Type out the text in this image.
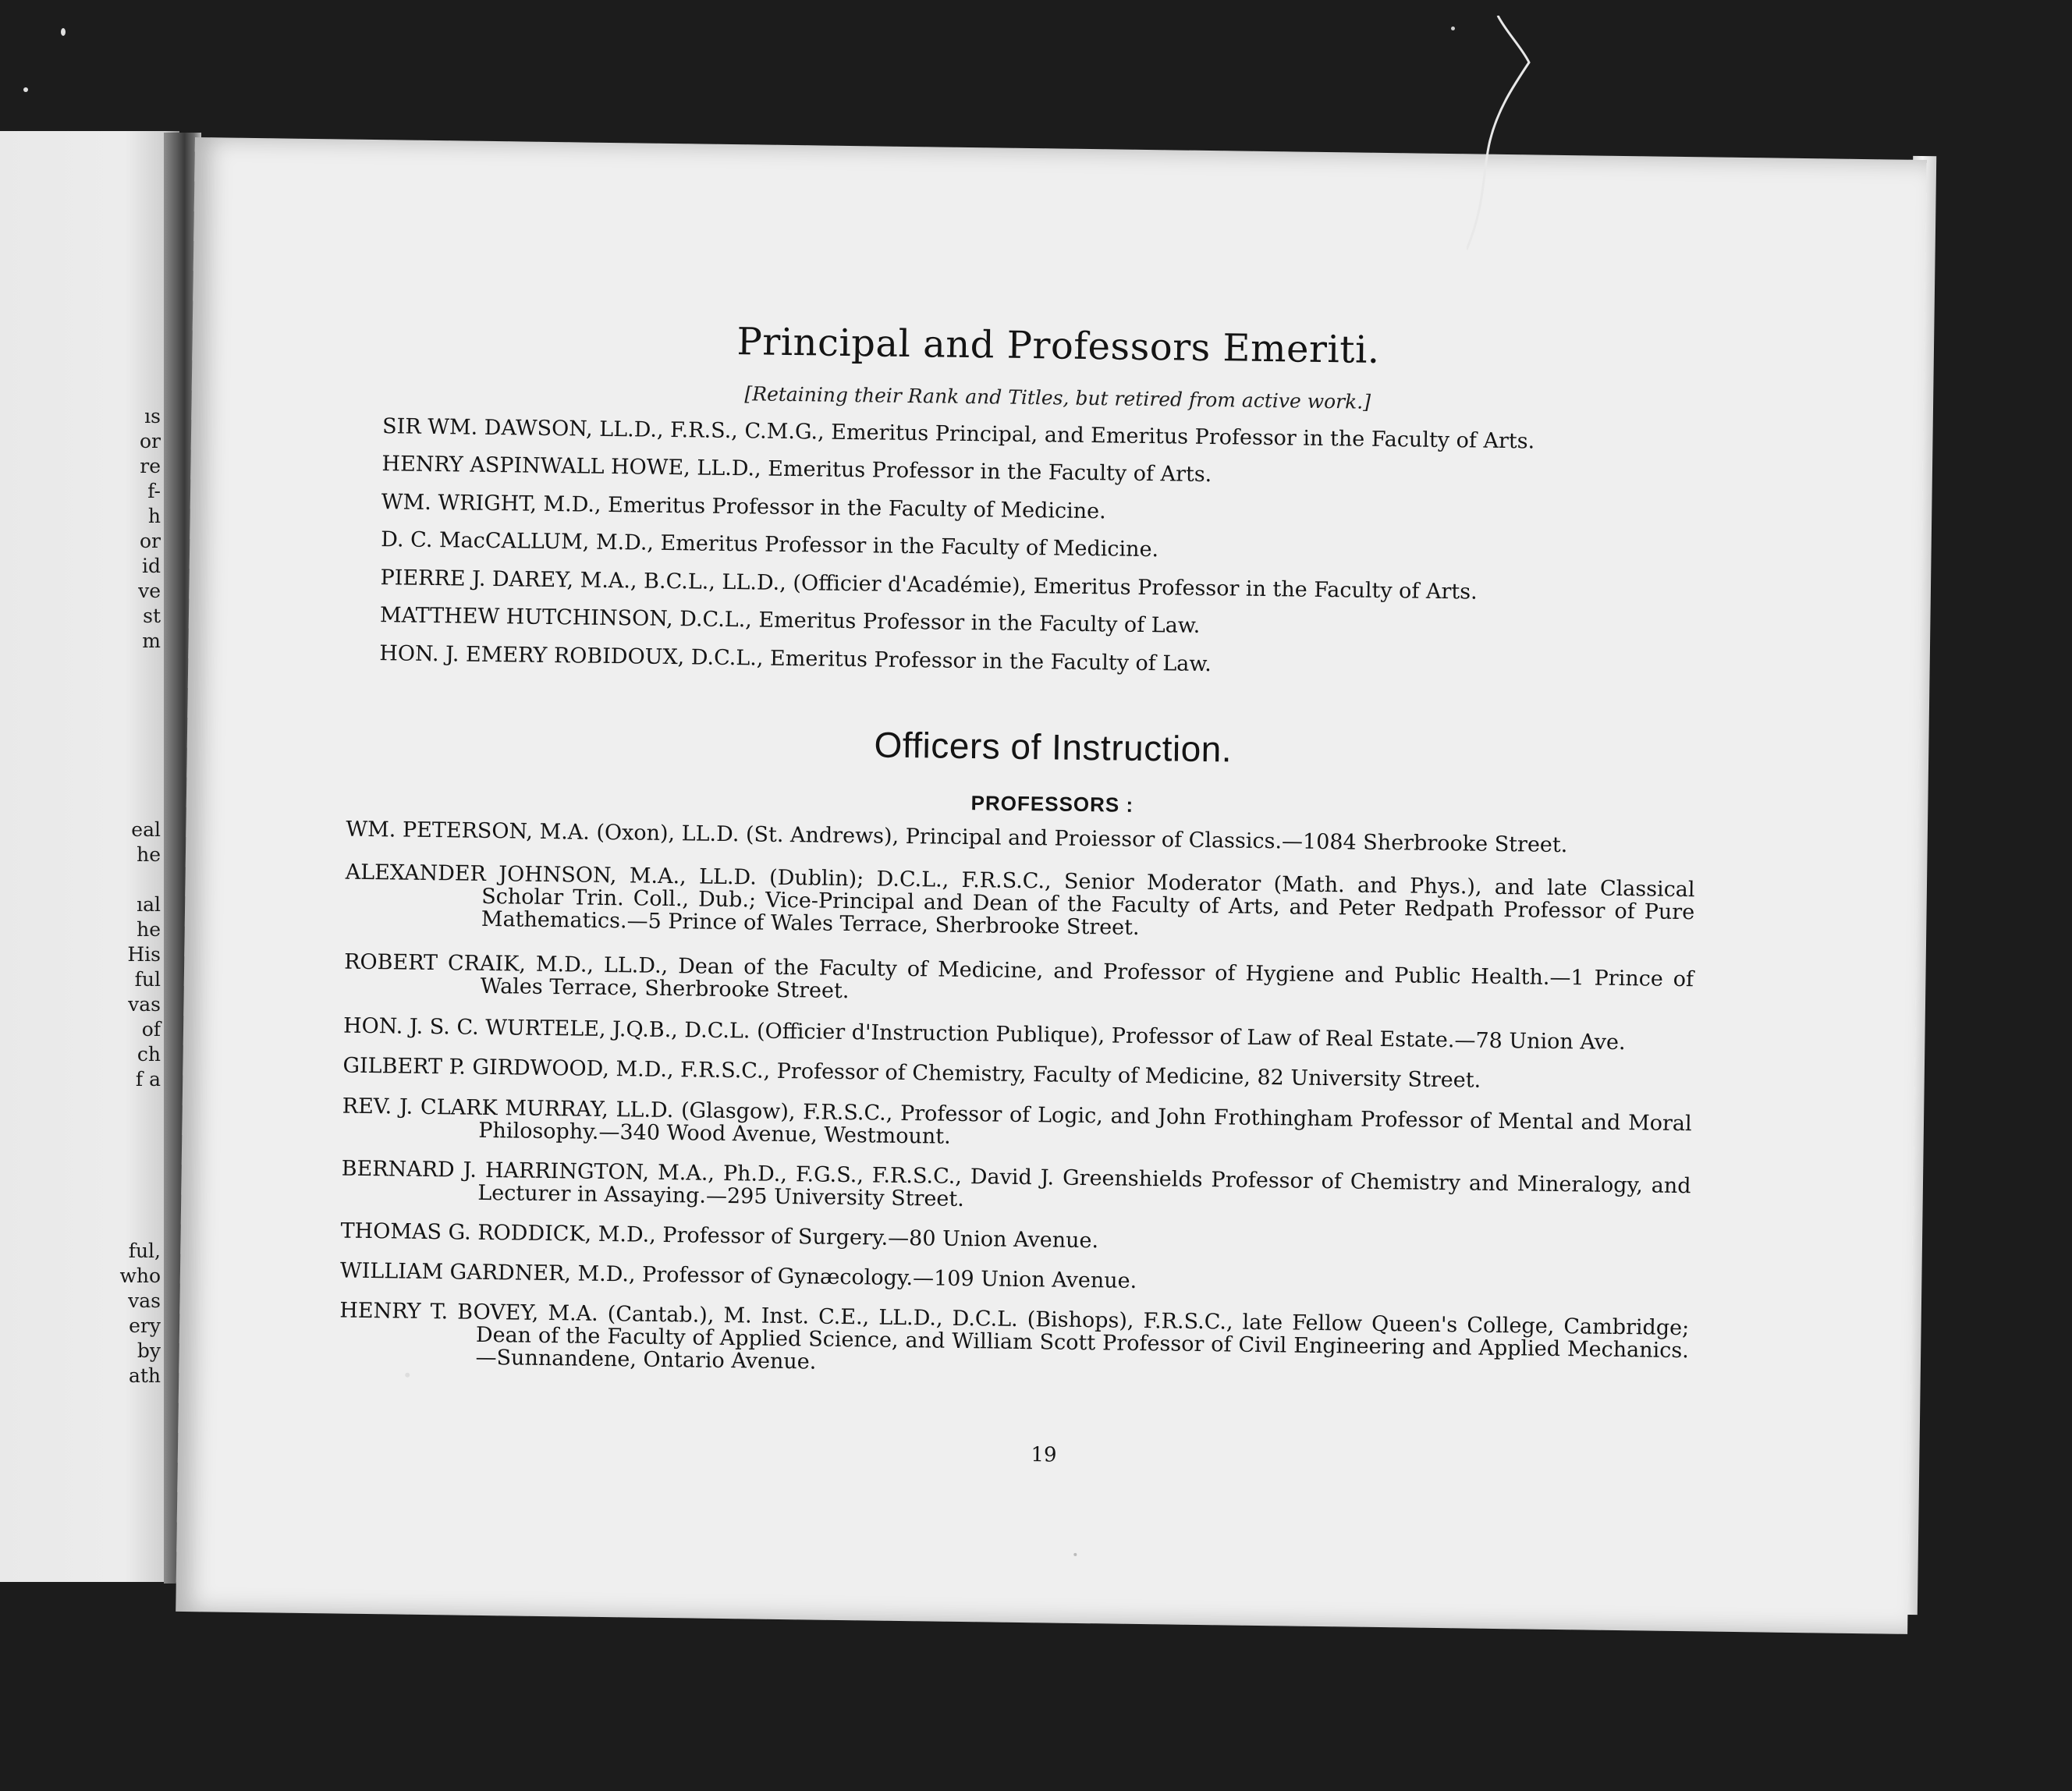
ıs
or
re
f-
h
or
id
ve
st
m
eal
he

ıal
he
His
ful
vas
of
ch
f a
ful,
who
vas
ery
by
ath
Principal and Professors Emeriti.
[Retaining their Rank and Titles, but retired from active work.]
SIR WM. DAWSON, LL.D., F.R.S., C.M.G., Emeritus Principal, and Emeritus Professor in the Faculty of Arts.
HENRY ASPINWALL HOWE, LL.D., Emeritus Professor in the Faculty of Arts.
WM. WRIGHT, M.D., Emeritus Professor in the Faculty of Medicine.
D. C. MacCALLUM, M.D., Emeritus Professor in the Faculty of Medicine.
PIERRE J. DAREY, M.A., B.C.L., LL.D., (Officier d'Académie), Emeritus Professor in the Faculty of Arts.
MATTHEW HUTCHINSON, D.C.L., Emeritus Professor in the Faculty of Law.
HON. J. EMERY ROBIDOUX, D.C.L., Emeritus Professor in the Faculty of Law.
Officers of Instruction.
PROFESSORS :
WM. PETERSON, M.A. (Oxon), LL.D. (St. Andrews), Principal and Proiessor of Classics.—1084 Sherbrooke Street.
ALEXANDER JOHNSON, M.A., LL.D. (Dublin); D.C.L., F.R.S.C., Senior Moderator (Math. and Phys.), and late Classical Scholar Trin. Coll., Dub.; Vice-Principal and Dean of the Faculty of Arts, and Peter Redpath Professor of Pure Mathematics.—5 Prince of Wales Terrace, Sherbrooke Street.
ROBERT CRAIK, M.D., LL.D., Dean of the Faculty of Medicine, and Professor of Hygiene and Public Health.—1 Prince of Wales Terrace, Sherbrooke Street.
HON. J. S. C. WURTELE, J.Q.B., D.C.L. (Officier d'Instruction Publique), Professor of Law of Real Estate.—78 Union Ave.
GILBERT P. GIRDWOOD, M.D., F.R.S.C., Professor of Chemistry, Faculty of Medicine, 82 University Street.
REV. J. CLARK MURRAY, LL.D. (Glasgow), F.R.S.C., Professor of Logic, and John Frothingham Professor of Mental and Moral Philosophy.—340 Wood Avenue, Westmount.
BERNARD J. HARRINGTON, M.A., Ph.D., F.G.S., F.R.S.C., David J. Greenshields Professor of Chemistry and Mineralogy, and Lecturer in Assaying.—295 University Street.
THOMAS G. RODDICK, M.D., Professor of Surgery.—80 Union Avenue.
WILLIAM GARDNER, M.D., Professor of Gynæcology.—109 Union Avenue.
HENRY T. BOVEY, M.A. (Cantab.), M. Inst. C.E., LL.D., D.C.L. (Bishops), F.R.S.C., late Fellow Queen's College, Cambridge; Dean of the Faculty of Applied Science, and William Scott Professor of Civil Engineering and Applied Mechanics.—Sunnandene, Ontario Avenue.
19
